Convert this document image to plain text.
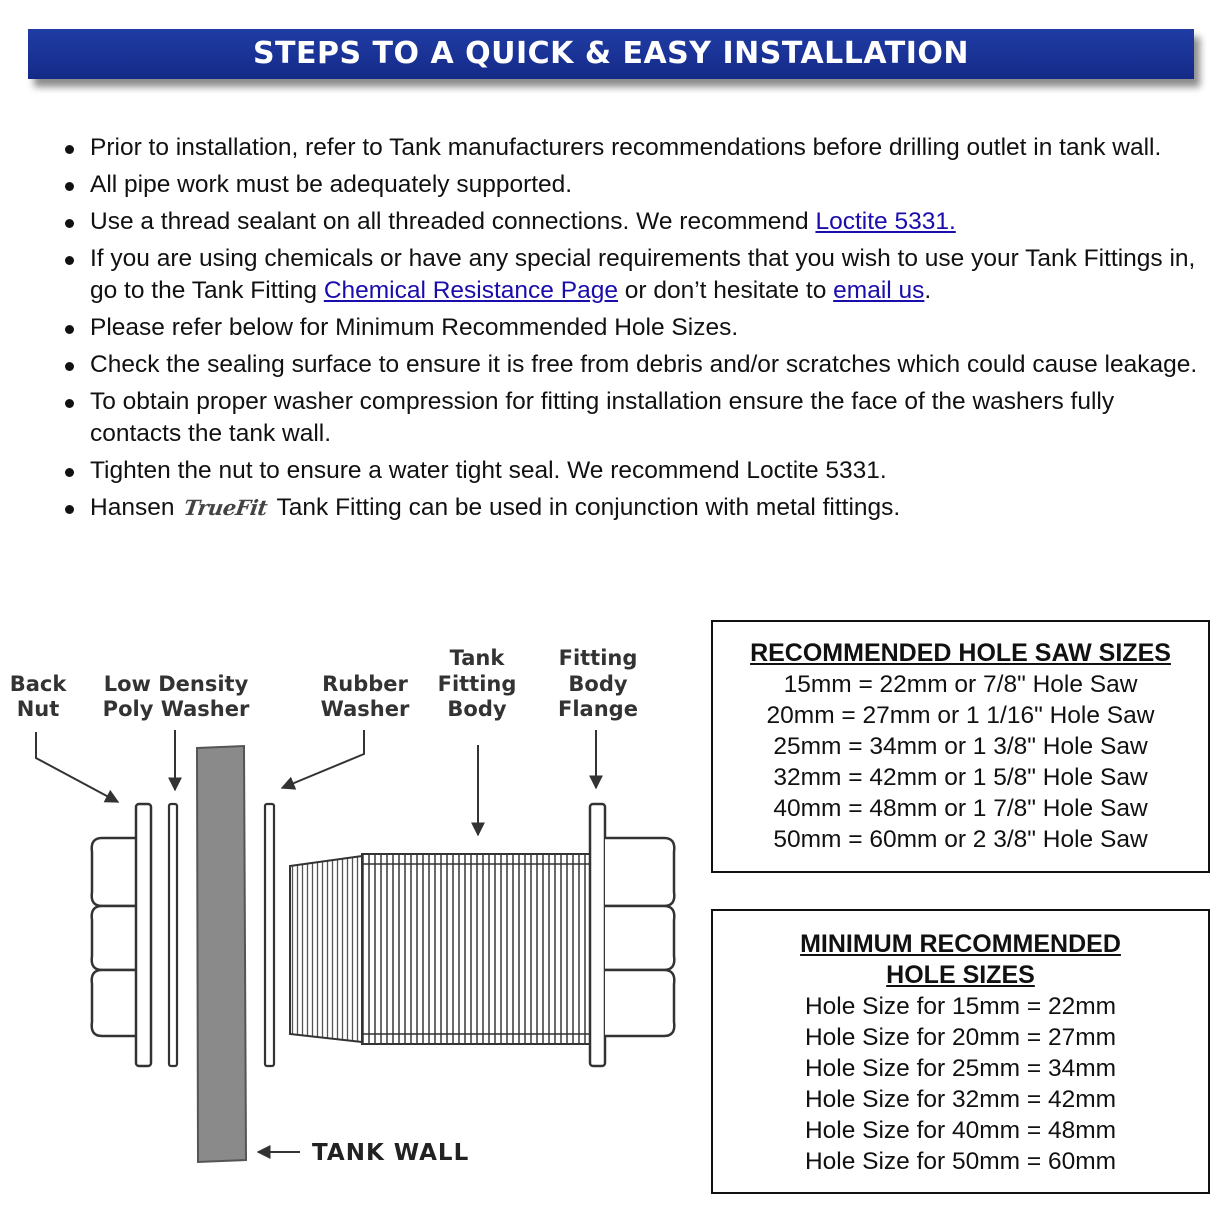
STEPS TO A QUICK & EASY INSTALLATION
Prior to installation, refer to Tank manufacturers recommendations before drilling outlet in tank wall.
All pipe work must be adequately supported.
Use a thread sealant on all threaded connections. We recommend Loctite 5331.
If you are using chemicals or have any special requirements that you wish to use your Tank Fittings in, go to the Tank Fitting Chemical Resistance Page or don’t hesitate to email us.
Please refer below for Minimum Recommended Hole Sizes.
Check the sealing surface to ensure it is free from debris and/or scratches which could cause leakage.
To obtain proper washer compression for fitting installation ensure the face of the washers fully contacts the tank wall.
Tighten the nut to ensure a water tight seal. We recommend Loctite 5331.
Hansen TrueFit Tank Fitting can be used in conjunction with metal fittings.
Back
Nut
Low Density
Poly Washer
Rubber
Washer
Tank
Fitting
Body
Fitting
Body
Flange
TANK WALL
RECOMMENDED HOLE SAW SIZES
15mm = 22mm or 7/8" Hole Saw
20mm = 27mm or 1 1/16" Hole Saw
25mm = 34mm or 1 3/8" Hole Saw
32mm = 42mm or 1 5/8" Hole Saw
40mm = 48mm or 1 7/8" Hole Saw
50mm = 60mm or 2 3/8" Hole Saw
MINIMUM RECOMMENDED HOLE SIZES
Hole Size for 15mm = 22mm
Hole Size for 20mm = 27mm
Hole Size for 25mm = 34mm
Hole Size for 32mm = 42mm
Hole Size for 40mm = 48mm
Hole Size for 50mm = 60mm
